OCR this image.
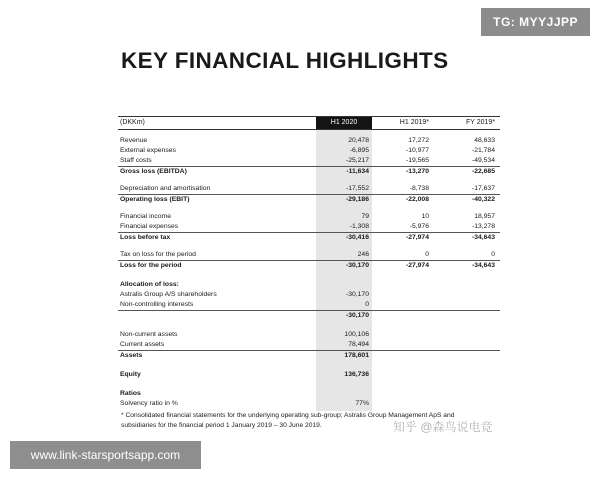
TG: MYYJJPP
KEY FINANCIAL HIGHLIGHTS
(DKKm)	H1 2020	H1 2019*	FY 2019*
Revenue	20,478	17,272	48,633
External expenses	-6,895	-10,977	-21,784
Staff costs	-25,217	-19,565	-49,534
Gross loss (EBITDA)	-11,634	-13,270	-22,685
Depreciation and amortisation	-17,552	-8,738	-17,637
Operating loss (EBIT)	-29,186	-22,008	-40,322
Financial income	79	10	18,957
Financial expenses	-1,308	-5,976	-13,278
Loss before tax	-30,416	-27,974	-34,643
Tax on loss for the period	246	0	0
Loss for the period	-30,170	-27,974	-34,643
Allocation of loss:
Astralis Group A/S shareholders	-30,170
Non-controlling interests	0
-30,170
Non-current assets	100,106
Current assets	78,494
Assets	178,601
Equity	136,736
Ratios
Solvency ratio in %	77%
* Consolidated financial statements for the underlying operating sub-group; Astralis Group Management ApS and subsidiaries for the financial period 1 January 2019 – 30 June 2019.	知乎 @森鸟说电竞
www.link-starsportsapp.com
